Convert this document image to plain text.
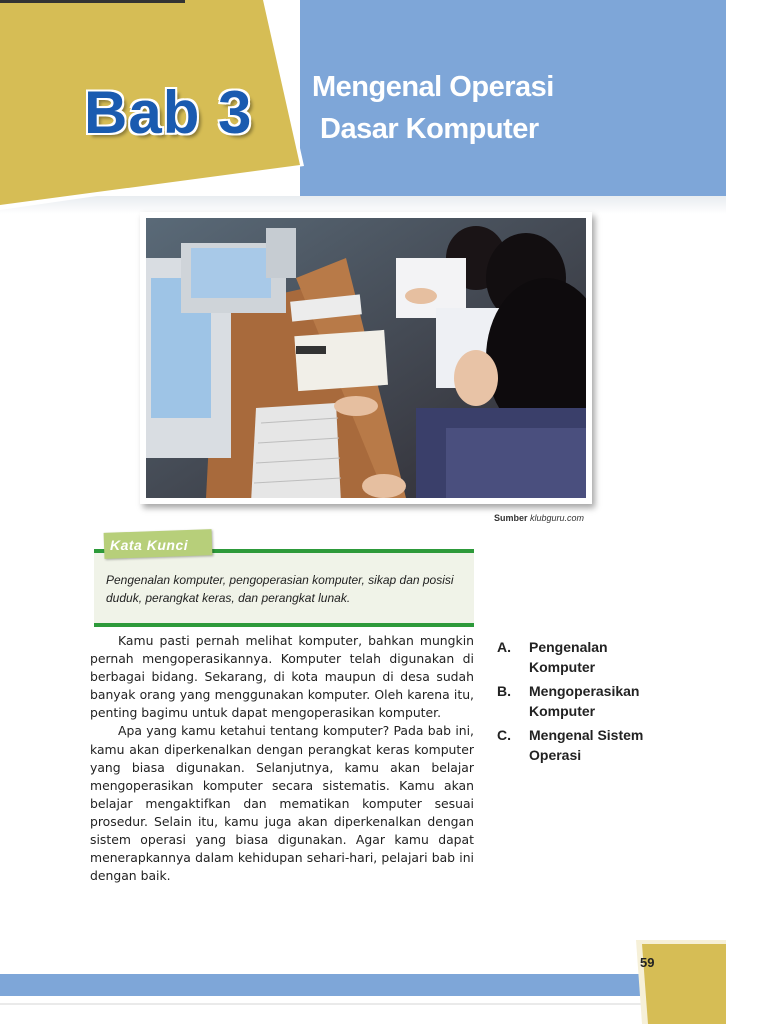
Bab 3 Mengenal Operasi
Dasar Komputer
Sumber klubguru.com
Kata Kunci
Pengenalan komputer, pengoperasian komputer, sikap dan posisi duduk, perangkat keras, dan perangkat lunak.

Kamu pasti pernah melihat komputer, bahkan mungkin pernah mengoperasikannya. Komputer telah digunakan di berbagai bidang. Sekarang, di kota maupun di desa sudah banyak orang yang menggunakan komputer. Oleh karena itu, penting bagimu untuk dapat mengoperasikan komputer.

Apa yang kamu ketahui tentang komputer? Pada bab ini, kamu akan diperkenalkan dengan perangkat keras komputer yang biasa digunakan. Selanjutnya, kamu akan belajar mengoperasikan komputer secara sistematis. Kamu akan belajar mengaktifkan dan mematikan komputer sesuai prosedur. Selain itu, kamu juga akan diperkenalkan dengan sistem operasi yang biasa digunakan. Agar kamu dapat menerapkannya dalam kehidupan sehari-hari, pelajari bab ini dengan baik.

A. Pengenalan Komputer
B. Mengoperasikan Komputer
C. Mengenal Sistem Operasi
59
